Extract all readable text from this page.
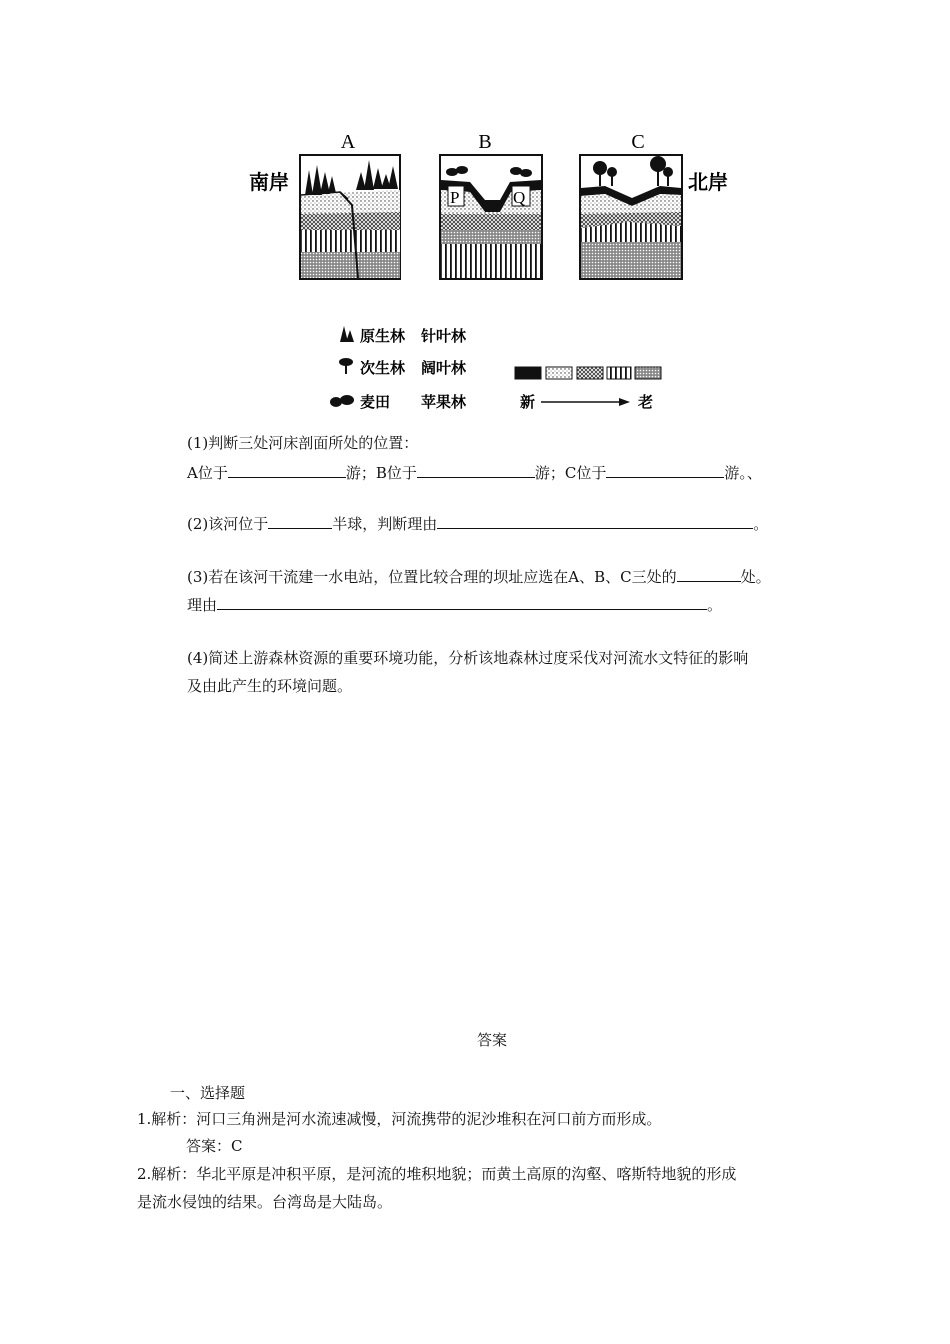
A	B	C
南岸	北岸
P	Q
原生林 针叶林
次生林 阔叶林
麦田 苹果林	新	老
(1)判断三处河床剖面所处的位置：
A位于	游；B位于	游；C位于	游。、
(2)该河位于	半球，判断理由	。
(3)若在该河干流建一水电站，位置比较合理的坝址应选在A、B、C三处的	处。
理由	。
(4)简述上游森林资源的重要环境功能，分析该地森林过度采伐对河流水文特征的影响
及由此产生的环境问题。
答案
一、选择题
1.解析：河口三角洲是河水流速减慢，河流携带的泥沙堆积在河口前方而形成。
答案：C
2.解析：华北平原是冲积平原，是河流的堆积地貌；而黄土高原的沟壑、喀斯特地貌的形成
是流水侵蚀的结果。台湾岛是大陆岛。
